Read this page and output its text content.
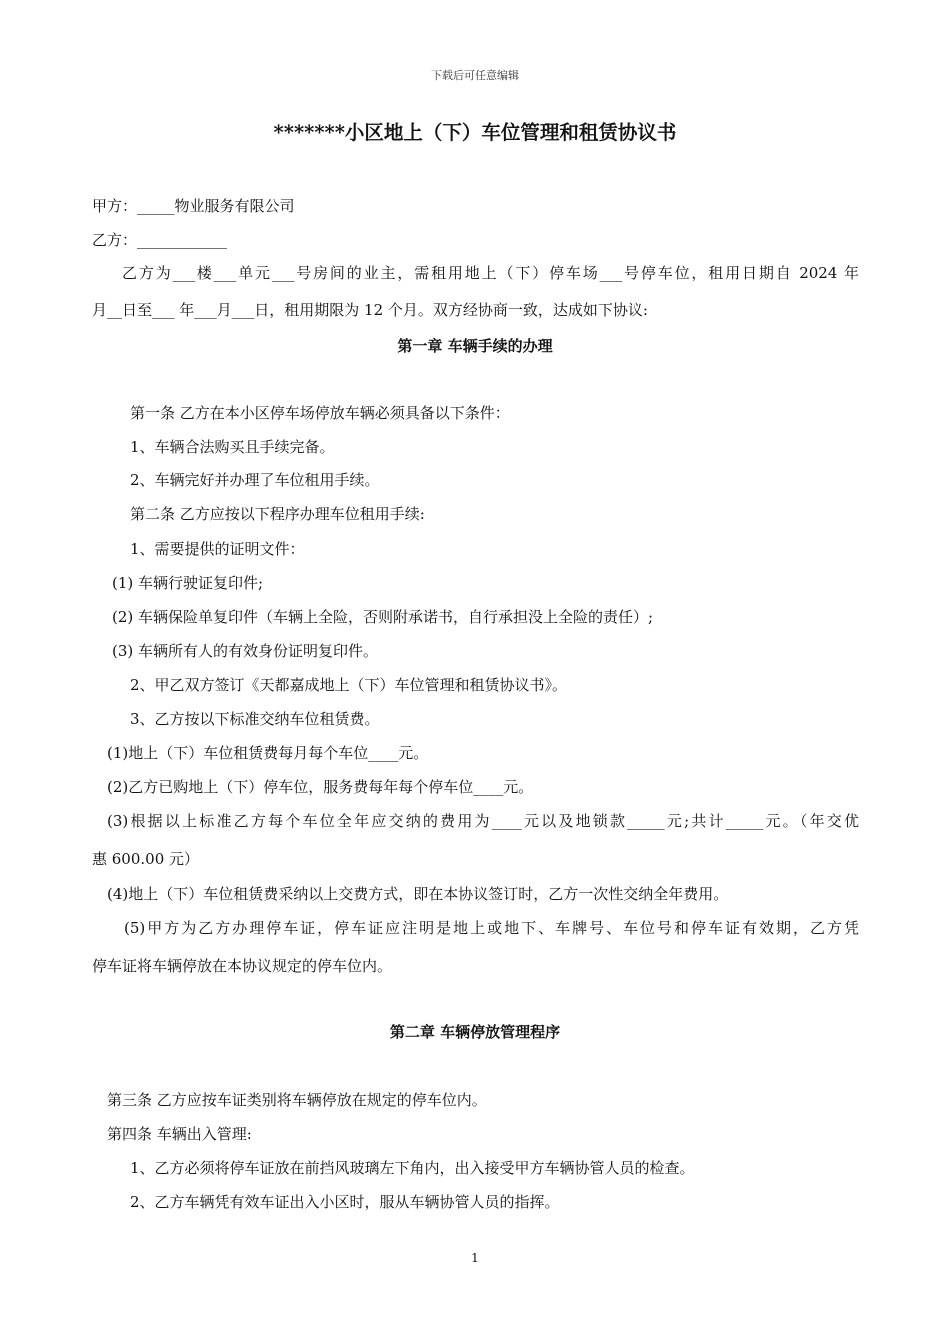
下载后可任意编辑
*******小区地上（下）车位管理和租赁协议书
甲方：_____物业服务有限公司
乙方：____________
乙方为___楼___单元___号房间的业主，需租用地上（下）停车场___号停车位，租用日期自 2024 年
月__日至___ 年___月___日，租用期限为 12 个月。双方经协商一致，达成如下协议:
第一章 车辆手续的办理
第一条 乙方在本小区停车场停放车辆必须具备以下条件：
1、车辆合法购买且手续完备。
2、车辆完好并办理了车位租用手续。
第二条 乙方应按以下程序办理车位租用手续:
1、需要提供的证明文件：
(1) 车辆行驶证复印件;
(2) 车辆保险单复印件（车辆上全险，否则附承诺书，自行承担没上全险的责任）;
(3) 车辆所有人的有效身份证明复印件。
2、甲乙双方签订《天都嘉成地上（下）车位管理和租赁协议书》。
3、乙方按以下标准交纳车位租赁费。
(1)地上（下）车位租赁费每月每个车位____元。
(2)乙方已购地上（下）停车位，服务费每年每个停车位____元。
(3)根据以上标准乙方每个车位全年应交纳的费用为____元以及地锁款_____元;共计_____元。（年交优
惠 600.00 元）
(4)地上（下）车位租赁费采纳以上交费方式，即在本协议签订时，乙方一次性交纳全年费用。
(5)甲方为乙方办理停车证，停车证应注明是地上或地下、车牌号、车位号和停车证有效期，乙方凭
停车证将车辆停放在本协议规定的停车位内。
第二章 车辆停放管理程序
第三条 乙方应按车证类别将车辆停放在规定的停车位内。
第四条 车辆出入管理:
1、乙方必须将停车证放在前挡风玻璃左下角内，出入接受甲方车辆协管人员的检查。
2、乙方车辆凭有效车证出入小区时，服从车辆协管人员的指挥。
1
